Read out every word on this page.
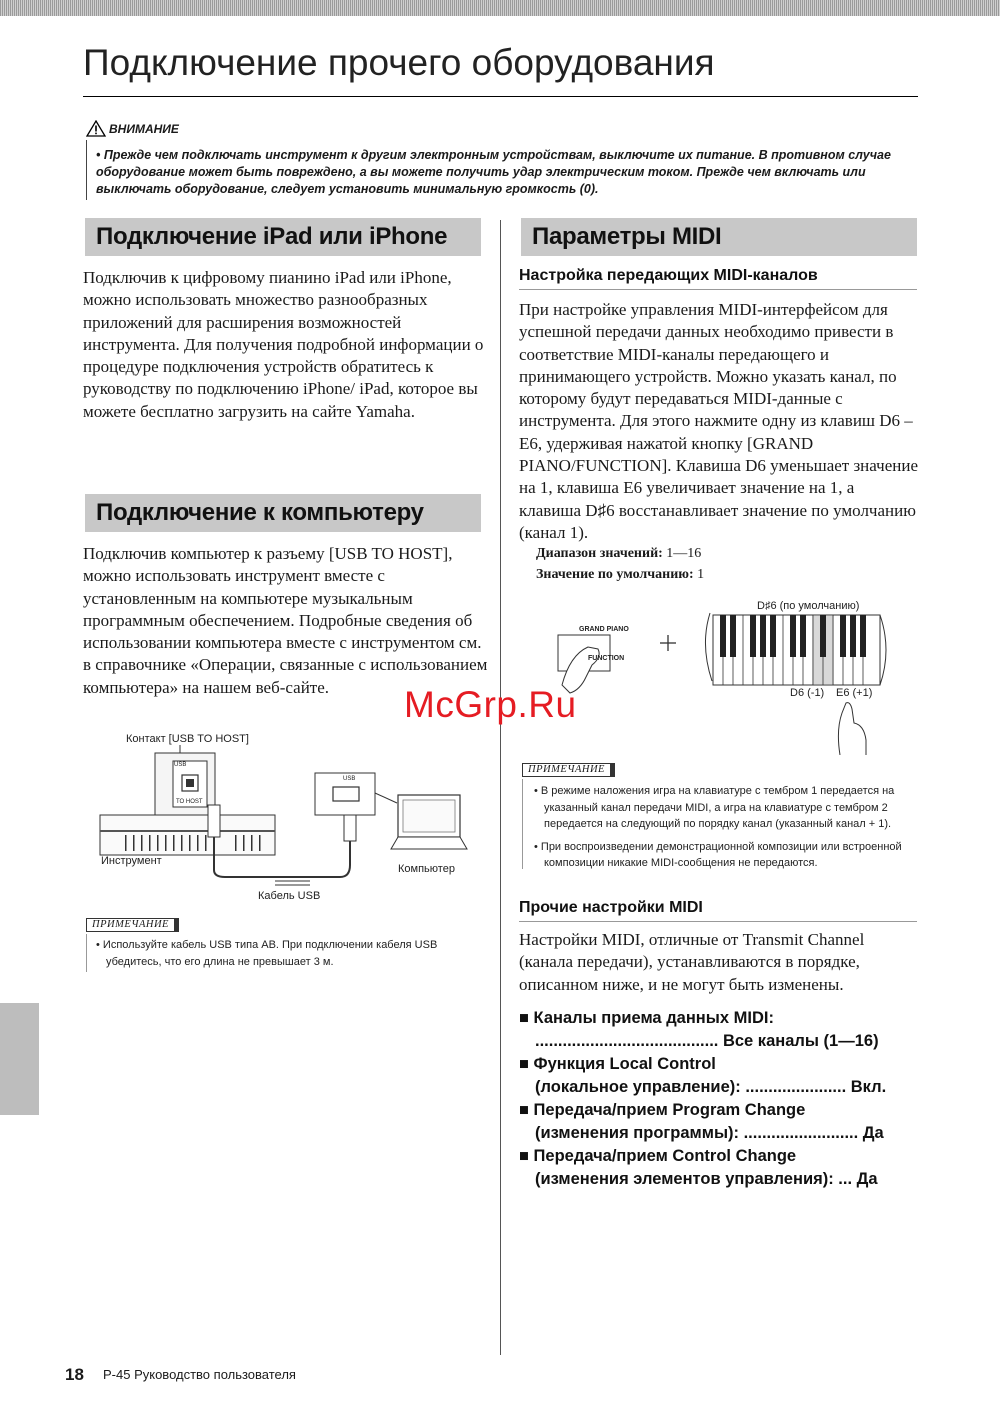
Подключение прочего оборудования
ВНИМАНИЕ
• Прежде чем подключать инструмент к другим электронным устройствам, выключите их питание. В противном случае оборудование может быть повреждено, а вы можете получить удар электрическим током. Прежде чем включать или выключать оборудование, следует установить минимальную громкость (0).
Подключение iPad или iPhone
Подключив к цифровому пианино iPad или iPhone, можно использовать множество разнообразных приложений для расширения возможностей инструмента. Для получения подробной информации о процедуре подключения устройств обратитесь к руководству по подключению iPhone/ iPad, которое вы можете бесплатно загрузить на сайте Yamaha.
Подключение к компьютеру
Подключив компьютер к разъему [USB TO HOST], можно использовать инструмент вместе с установленным на компьютере музыкальным программным обеспечением. Подробные сведения об использовании компьютера вместе с инструментом см. в справочнике «Операции, связанные с использованием компьютера» на нашем веб-сайте.
Контакт [USB TO HOST]
USB
TO HOST
USB
Инструмент
Кабель USB
Компьютер
ПРИМЕЧАНИЕ
• Используйте кабель USB типа AB. При подключении кабеля USB убедитесь, что его длина не превышает 3 м.
Параметры MIDI
Настройка передающих MIDI-каналов
При настройке управления MIDI-интерфейсом для успешной передачи данных необходимо привести в соответствие MIDI-каналы передающего и принимающего устройств. Можно указать канал, по которому будут передаваться MIDI-данные с инструмента. Для этого нажмите одну из клавиш D6 – E6, удерживая нажатой кнопку [GRAND PIANO/FUNCTION]. Клавиша D6 уменьшает значение на 1, клавиша E6 увеличивает значение на 1, а клавиша D♯6 восстанавливает значение по умолчанию (канал 1).
Диапазон значений: 1—16
Значение по умолчанию: 1
GRAND PIANO
FUNCTION
D♯6 (по умолчанию)
D6 (-1) E6 (+1)
ПРИМЕЧАНИЕ
• В режиме наложения игра на клавиатуре с тембром 1 передается на указанный канал передачи MIDI, а игра на клавиатуре с тембром 2 передается на следующий по порядку канал (указанный канал + 1).
• При воспроизведении демонстрационной композиции или встроенной композиции никакие MIDI-сообщения не передаются.
Прочие настройки MIDI
Настройки MIDI, отличные от Transmit Channel (канала передачи), устанавливаются в порядке, описанном ниже, и не могут быть изменены.
■ Каналы приема данных MIDI:
........................................ Все каналы (1—16)
■ Функция Local Control
(локальное управление): ...................... Вкл.
■ Передача/прием Program Change
(изменения программы): ......................... Да
■ Передача/прием Control Change
(изменения элементов управления): ... Да
18 P-45 Руководство пользователя
McGrp.Ru
